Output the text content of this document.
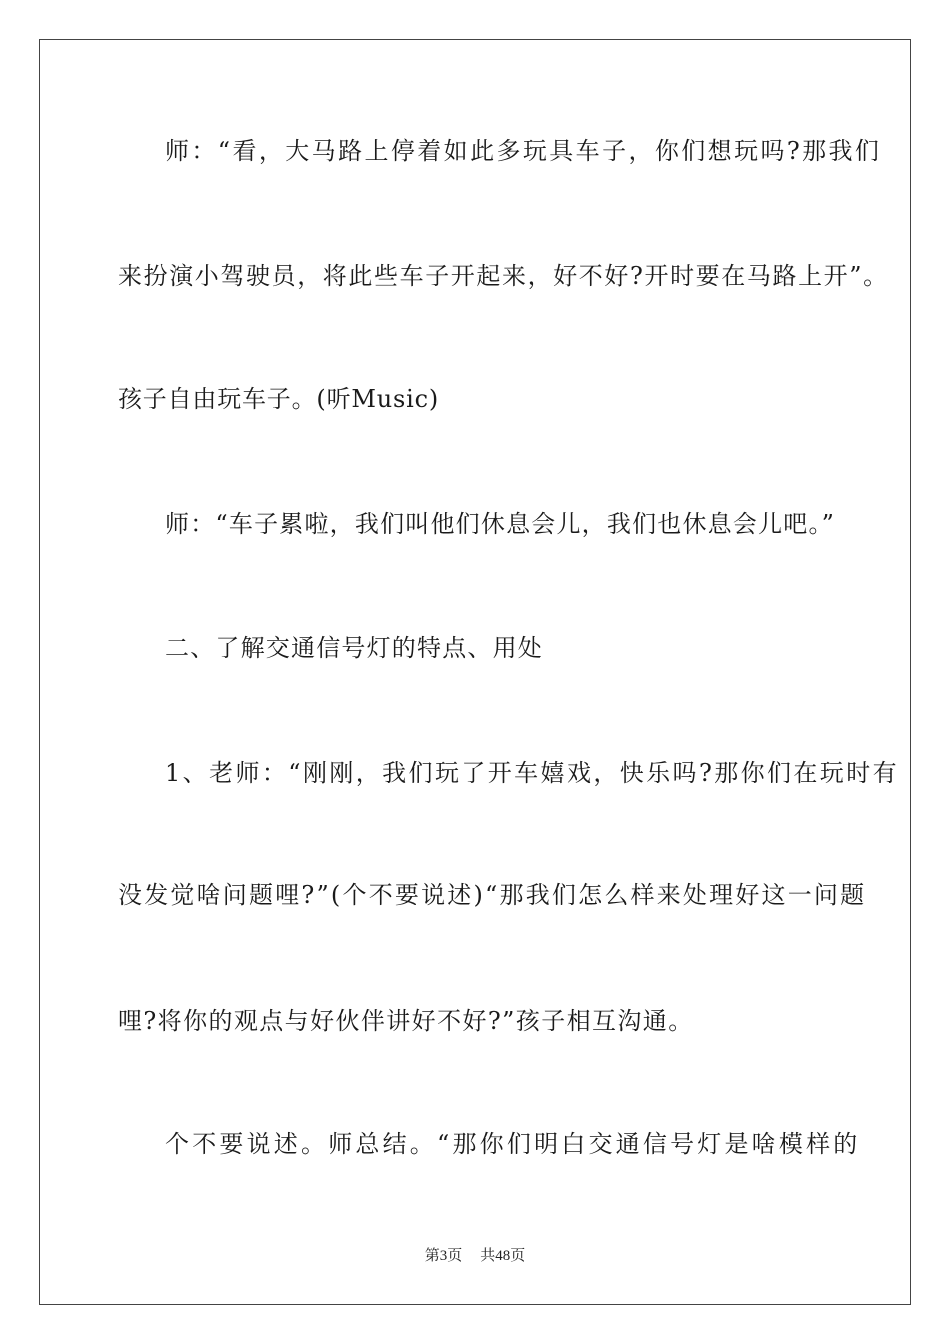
师：“看，大马路上停着如此多玩具车子，你们想玩吗?那我们
来扮演小驾驶员，将此些车子开起来，好不好?开时要在马路上开”。
孩子自由玩车子。(听Music)
师：“车子累啦，我们叫他们休息会儿，我们也休息会儿吧。”
二、了解交通信号灯的特点、用处
1、老师：“刚刚，我们玩了开车嬉戏，快乐吗?那你们在玩时有
没发觉啥问题哩?”(个不要说述)“那我们怎么样来处理好这一问题
哩?将你的观点与好伙伴讲好不好?”孩子相互沟通。
个不要说述。师总结。“那你们明白交通信号灯是啥模样的
第3页 共48页
